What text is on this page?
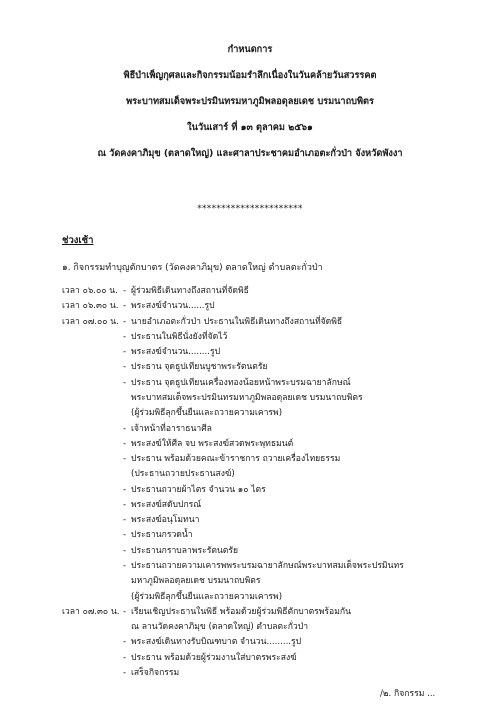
กำหนดการ
พิธีบำเพ็ญกุศลและกิจกรรมน้อมรำลึกเนื่องในวันคล้ายวันสวรรคต
พระบาทสมเด็จพระปรมินทรมหาภูมิพลอดุลยเดช บรมนาถบพิตร
ในวันเสาร์ ที่ ๑๓ ตุลาคม ๒๕๖๑
ณ วัดคงคาภิมุข (ตลาดใหญ่) และศาลาประชาคมอำเภอตะกั่วป่า จังหวัดพังงา
**********************
ช่วงเช้า
๑. กิจกรรมทำบุญตักบาตร (วัดคงคาภิมุข) ตลาดใหญ่ ตำบลตะกั่วป่า
เวลา ๐๖.๐๐ น. - ผู้ร่วมพิธีเดินทางถึงสถานที่จัดพิธี
เวลา ๐๖.๓๐ น. - พระสงฆ์จำนวน......รูป
เวลา ๐๗.๐๐ น. - นายอำเภอตะกั่วป่า ประธานในพิธีเดินทางถึงสถานที่จัดพิธี
- ประธานในพิธีนั่งยังที่จัดไว้
- พระสงฆ์จำนวน........รูป
- ประธาน จุดธูปเทียนบูชาพระรัตนตรัย
- ประธาน จุดธูปเทียนเครื่องทองน้อยหน้าพระบรมฉายาลักษณ์
พระบาทสมเด็จพระปรมินทรมหาภูมิพลอดุลยเดช บรมนาถบพิตร
(ผู้ร่วมพิธีลุกขึ้นยืนและถวายความเคารพ)
- เจ้าหน้าที่อาราธนาศีล
- พระสงฆ์ให้ศีล จบ พระสงฆ์สวดพระพุทธมนต์
- ประธาน พร้อมด้วยคณะข้าราชการ ถวายเครื่องไทยธรรม
(ประธานถวายประธานสงฆ์)
- ประธานถวายผ้าไตร จำนวน ๑๐ ไตร
- พระสงฆ์สดับปกรณ์
- พระสงฆ์อนุโมทนา
- ประธานกรวดน้ำ
- ประธานกราบลาพระรัตนตรัย
- ประธานถวายความเคารพพระบรมฉายาลักษณ์พระบาทสมเด็จพระปรมินทร
มหาภูมิพลอดุลยเดช บรมนาถบพิตร
(ผู้ร่วมพิธีลุกขึ้นยืนและถวายความเคารพ)
เวลา ๐๗.๓๐ น. - เรียนเชิญประธานในพิธี พร้อมด้วยผู้ร่วมพิธีตักบาตรพร้อมกัน
ณ ลานวัดคงคาภิมุข (ตลาดใหญ่) ตำบลตะกั่วป่า
- พระสงฆ์เดินทางรับบิณฑบาต จำนวน.........รูป
- ประธาน พร้อมด้วยผู้ร่วมงานใส่บาตรพระสงฆ์
- เสร็จกิจกรรม
/๒. กิจกรรม ...
